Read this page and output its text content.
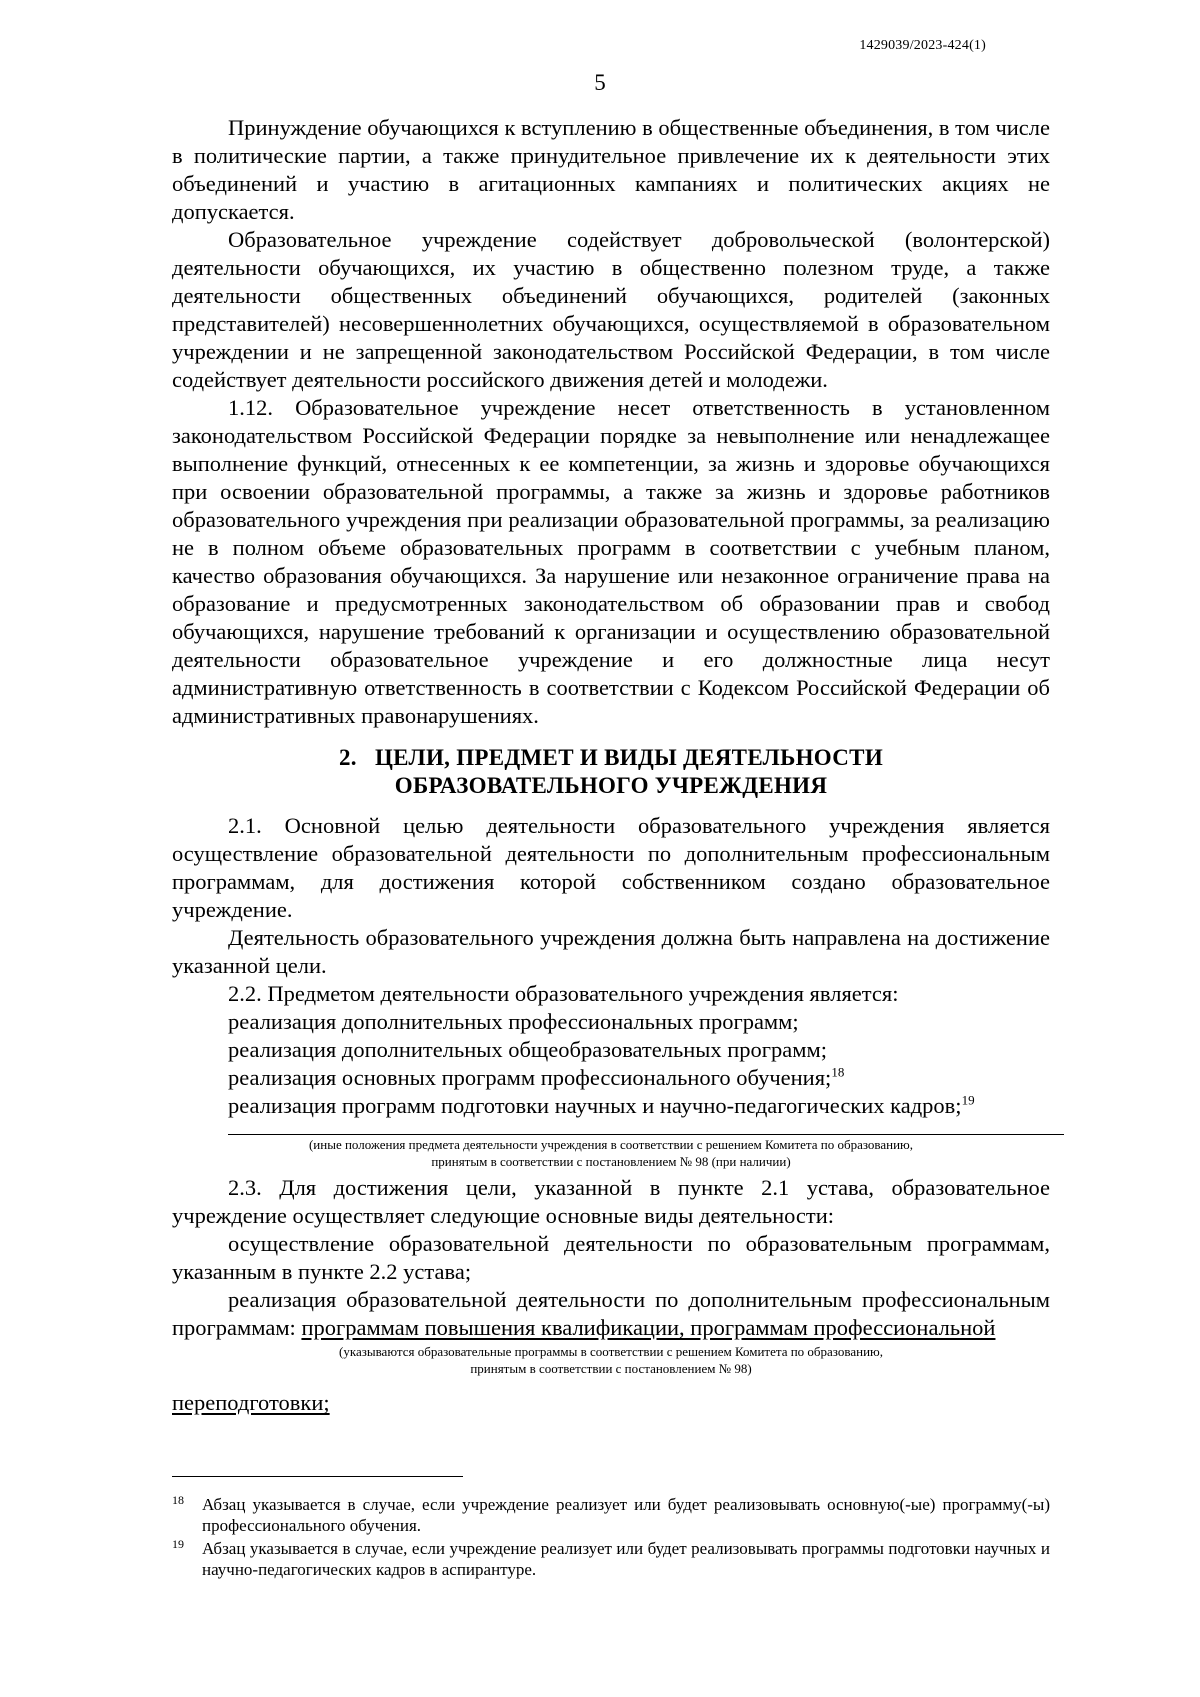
1429039/2023-424(1)
5

Принуждение обучающихся к вступлению в общественные объединения, в том числе в политические партии, а также принудительное привлечение их к деятельности этих объединений и участию в агитационных кампаниях и политических акциях не допускается.

Образовательное учреждение содействует добровольческой (волонтерской) деятельности обучающихся, их участию в общественно полезном труде, а также деятельности общественных объединений обучающихся, родителей (законных представителей) несовершеннолетних обучающихся, осуществляемой в образовательном учреждении и не запрещенной законодательством Российской Федерации, в том числе содействует деятельности российского движения детей и молодежи.

1.12. Образовательное учреждение несет ответственность в установленном законодательством Российской Федерации порядке за невыполнение или ненадлежащее выполнение функций, отнесенных к ее компетенции, за жизнь и здоровье обучающихся при освоении образовательной программы, а также за жизнь и здоровье работников образовательного учреждения при реализации образовательной программы, за реализацию не в полном объеме образовательных программ в соответствии с учебным планом, качество образования обучающихся. За нарушение или незаконное ограничение права на образование и предусмотренных законодательством об образовании прав и свобод обучающихся, нарушение требований к организации и осуществлению образовательной деятельности образовательное учреждение и его должностные лица несут административную ответственность в соответствии с Кодексом Российской Федерации об административных правонарушениях.

2.   ЦЕЛИ, ПРЕДМЕТ И ВИДЫ ДЕЯТЕЛЬНОСТИ
ОБРАЗОВАТЕЛЬНОГО УЧРЕЖДЕНИЯ

2.1. Основной целью деятельности образовательного учреждения является осуществление образовательной деятельности по дополнительным профессиональным программам, для достижения которой собственником создано образовательное учреждение.

Деятельность образовательного учреждения должна быть направлена на достижение указанной цели.

2.2. Предметом деятельности образовательного учреждения является:

реализация дополнительных профессиональных программ;

реализация дополнительных общеобразовательных программ;

реализация основных программ профессионального обучения;$^{18}$

реализация программ подготовки научных и научно-педагогических кадров;$^{19}$

(иные положения предмета деятельности учреждения в соответствии с решением Комитета по образованию,
принятым в соответствии с постановлением № 98 (при наличии)

2.3. Для достижения цели, указанной в пункте 2.1 устава, образовательное учреждение осуществляет следующие основные виды деятельности:

осуществление образовательной деятельности по образовательным программам, указанным в пункте 2.2 устава;

реализация образовательной деятельности по дополнительным профессиональным программам: программам повышения квалификации, программам профессиональной

(указываются образовательные программы в соответствии с решением Комитета по образованию,
принятым в соответствии с постановлением № 98)

переподготовки;

18 Абзац указывается в случае, если учреждение реализует или будет реализовывать основную(-ые) программу(-ы) профессионального обучения.
19 Абзац указывается в случае, если учреждение реализует или будет реализовывать программы подготовки научных и научно-педагогических кадров в аспирантуре.
